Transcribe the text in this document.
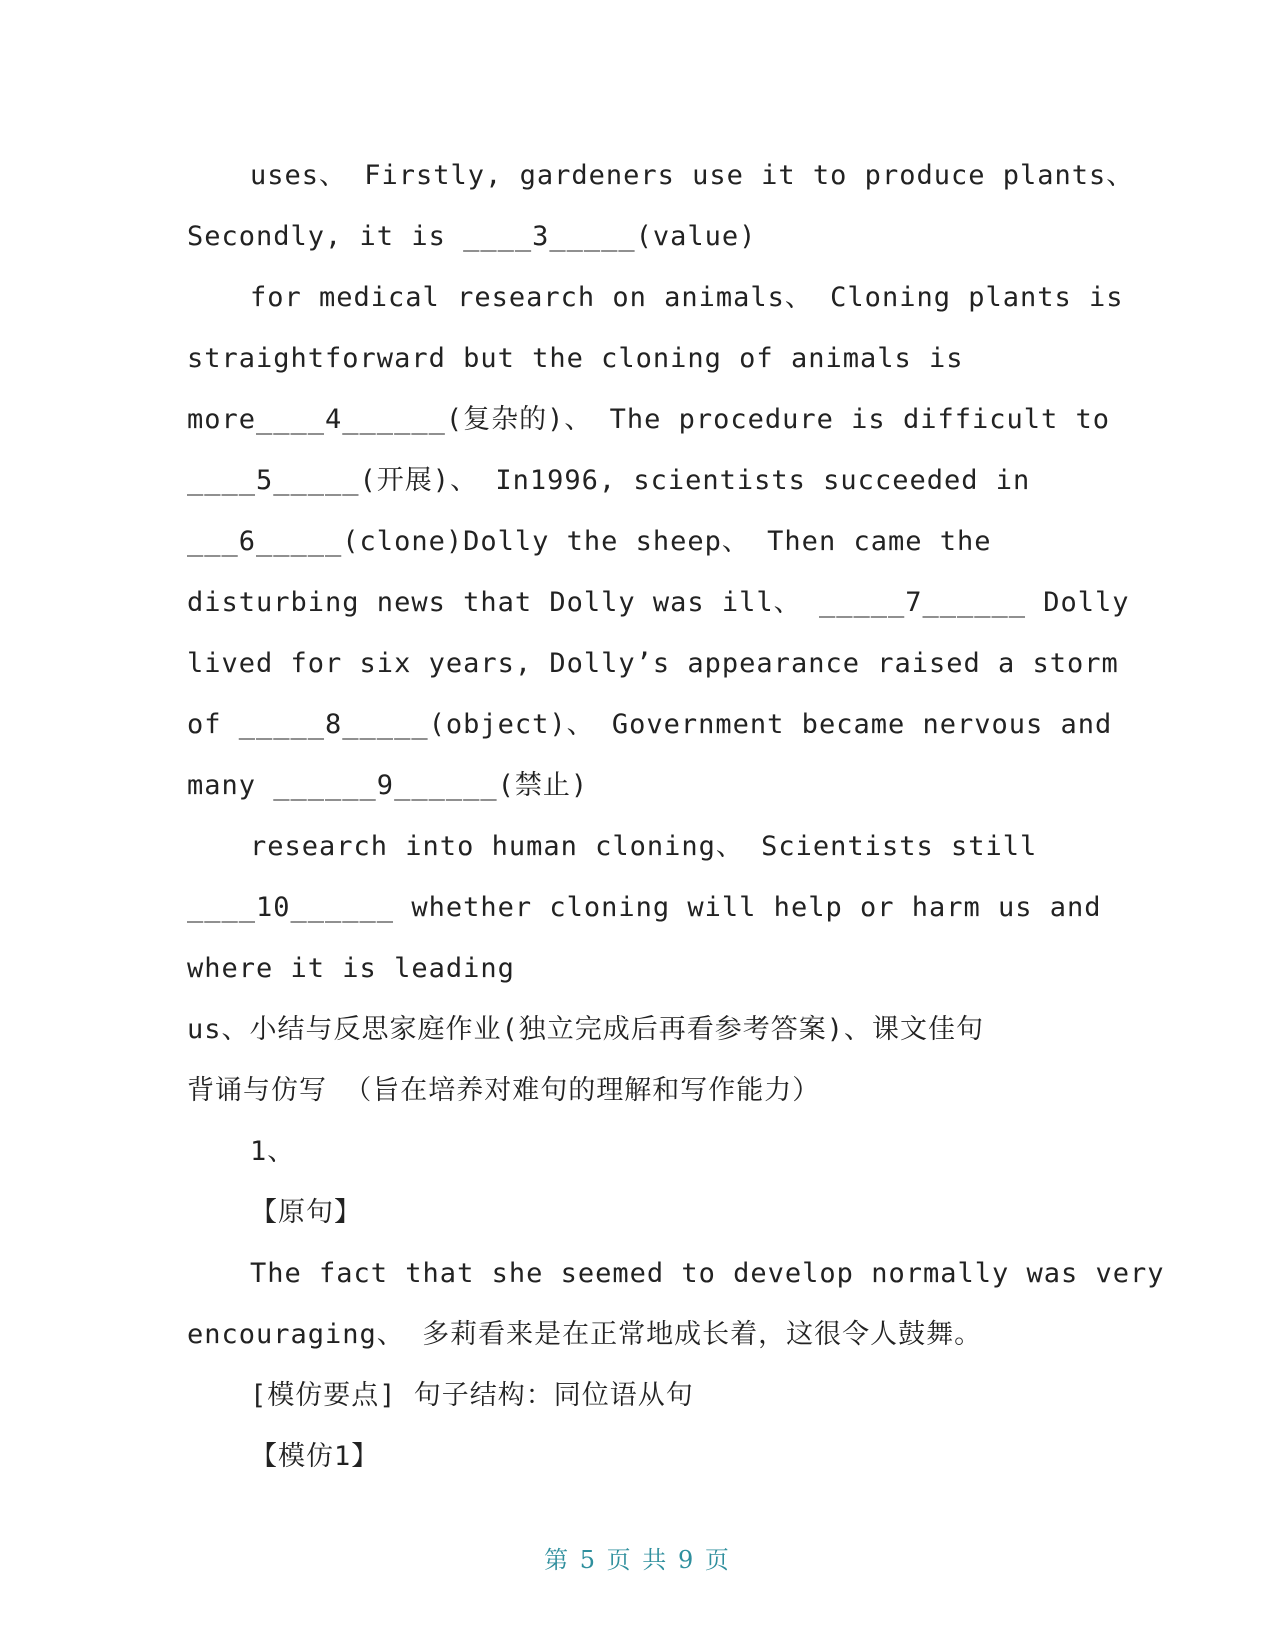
uses、 Firstly, gardeners use it to produce plants、
Secondly, it is ____3_____(value)
for medical research on animals、 Cloning plants is
straightforward but the cloning of animals is
more____4______(复杂的)、 The procedure is difficult to
____5_____(开展)、 In1996, scientists succeeded in
___6_____(clone)Dolly the sheep、 Then came the
disturbing news that Dolly was ill、 _____7______ Dolly
lived for six years, Dolly’s appearance raised a storm
of _____8_____(object)、 Government became nervous and
many ______9______(禁止)
research into human cloning、 Scientists still
____10______ whether cloning will help or harm us and
where it is leading
us、小结与反思家庭作业(独立完成后再看参考答案)、课文佳句
背诵与仿写 （旨在培养对难句的理解和写作能力）
1、
【原句】
The fact that she seemed to develop normally was very
encouraging、 多莉看来是在正常地成长着，这很令人鼓舞。
[模仿要点] 句子结构：同位语从句
【模仿1】
第 5 页 共 9 页
